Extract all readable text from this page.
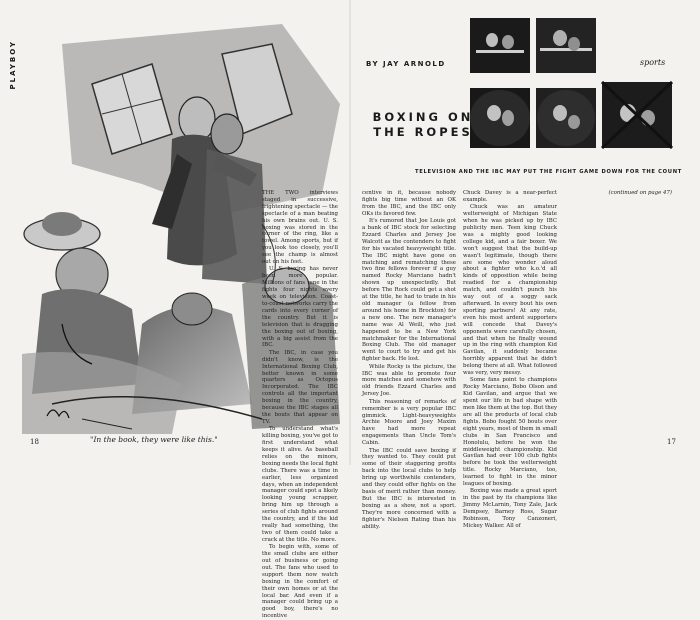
PLAYBOY
"In the book, they were like this."
18
BY JAY ARNOLD	sports
BOXING ON
THE ROPES
TELEVISION AND THE IBC MAY PUT THE FIGHT GAME DOWN FOR THE COUNT

THE TWO interviews staged in successive, frightening spectacle — the spectacle of a man beating his own brains out. U. S. boxing was stored in the corner of the ring, like a towel. Among sports, but if you look too closely, you'll see the champ is almost out on his feet.

U. S. boxing has never been more popular. Millions of fans tune in the fights four nights every week on television. Coast-to-coast networks carry the cards into every corner of the country. But it is television that is dragging the boxing out of boxing, with a big assist from the IBC.

The IBC, in case you didn't know, is the International Boxing Club, better known in some quarters as Octopus Incorporated. The IBC controls all the important boxing in the country, because the IBC stages all the bouts that appear on TV.

To understand what's killing boxing, you've got to first understand what keeps it alive. As baseball relies on the minors, boxing needs the local fight clubs. There was a time in earlier, less organized days, when an independent manager could spot a likely looking young scrapper, bring him up through a series of club fights around the country, and if the kid really had something, the two of them could take a crack at the title. No more.

To begin with, some of the small clubs are either out of business or going out. The fans who used to support them now watch boxing in the comfort of their own homes or at the local bar. And even if a manager could bring up a good boy, there's no incentive

centive in it, because nobody fights big time without an OK from the IBC, and the IBC only OKs its favored few.

It's rumored that Joe Louis got a bank of IBC stock for selecting Ezzard Charles and Jersey Joe Walcott as the contenders to fight for his vacated heavyweight title. The IBC might have gone on matching and rematching these two fine fellows forever if a guy named Rocky Marciano hadn't shown up unexpectedly. But before The Rock could get a shot at the title, he had to trade in his old manager (a fellow from around his home in Brockton) for a new one. The new manager's name was Al Weill, who just happened to be a New York matchmaker for the International Boxing Club. The old manager went to court to try and get his fighter back. He lost.

While Rocky is the picture, the IBC was able to promote four more matches and somehow with old friends Ezzard Charles and Jersey Joe.

This reasoning of remarks of remember is a very popular IBC gimmick. Light-heavyweights Archie Moore and Joey Maxim have had more repeat engagements than Uncle Tom's Cabin.

The IBC could save boxing if they wanted to. They could put some of their staggering profits back into the local clubs to help bring up worthwhile contenders, and they could offer fights on the basis of merit rather than money. But the IBC is interested in boxing as a show, not a sport. They're more concerned with a fighter's Nielsen Rating than his ability.

Chuck Davey is a near-perfect example.

Chuck was an amateur welterweight of Michigan State when he was picked up by IBC publicity men. Teen king Chuck was a mighty good looking college kid, and a fair boxer. We won't suggest that the build-up wasn't legitimate, though there are some who wonder aloud about a fighter who k.o.'d all kinds of opposition while being readied for a championship match, and couldn't punch his way out of a soggy sack afterward. In every bout his own sporting partners! At any rate, even his most ardent supporters will concede that Davey's opponents were carefully chosen, and that when he finally wound up in the ring with champion Kid Gavilan, it suddenly became horribly apparent that he didn't belong there at all. What followed was very, very messy.

Some fans point to champions Rocky Marciano, Bobo Olson and Kid Gavilan, and argue that we spent our life in bad shape with men like them at the top. But they are all the products of local club fights. Bobo fought 50 bouts over eight years, most of them in small clubs in San Francisco and Honolulu, before he won the middleweight championship. Kid Gavilan had over 100 club fights before he took the welterweight title. Rocky Marciano, too, learned to fight in the minor leagues of boxing.

Boxing was made a great sport in the past by its champions like Jimmy McLarnin, Tony Zale, Jack Dempsey, Barney Ross, Sugar Robinson, Tony Canzoneri, Mickey Walker. All of

(continued on page 47)

17
